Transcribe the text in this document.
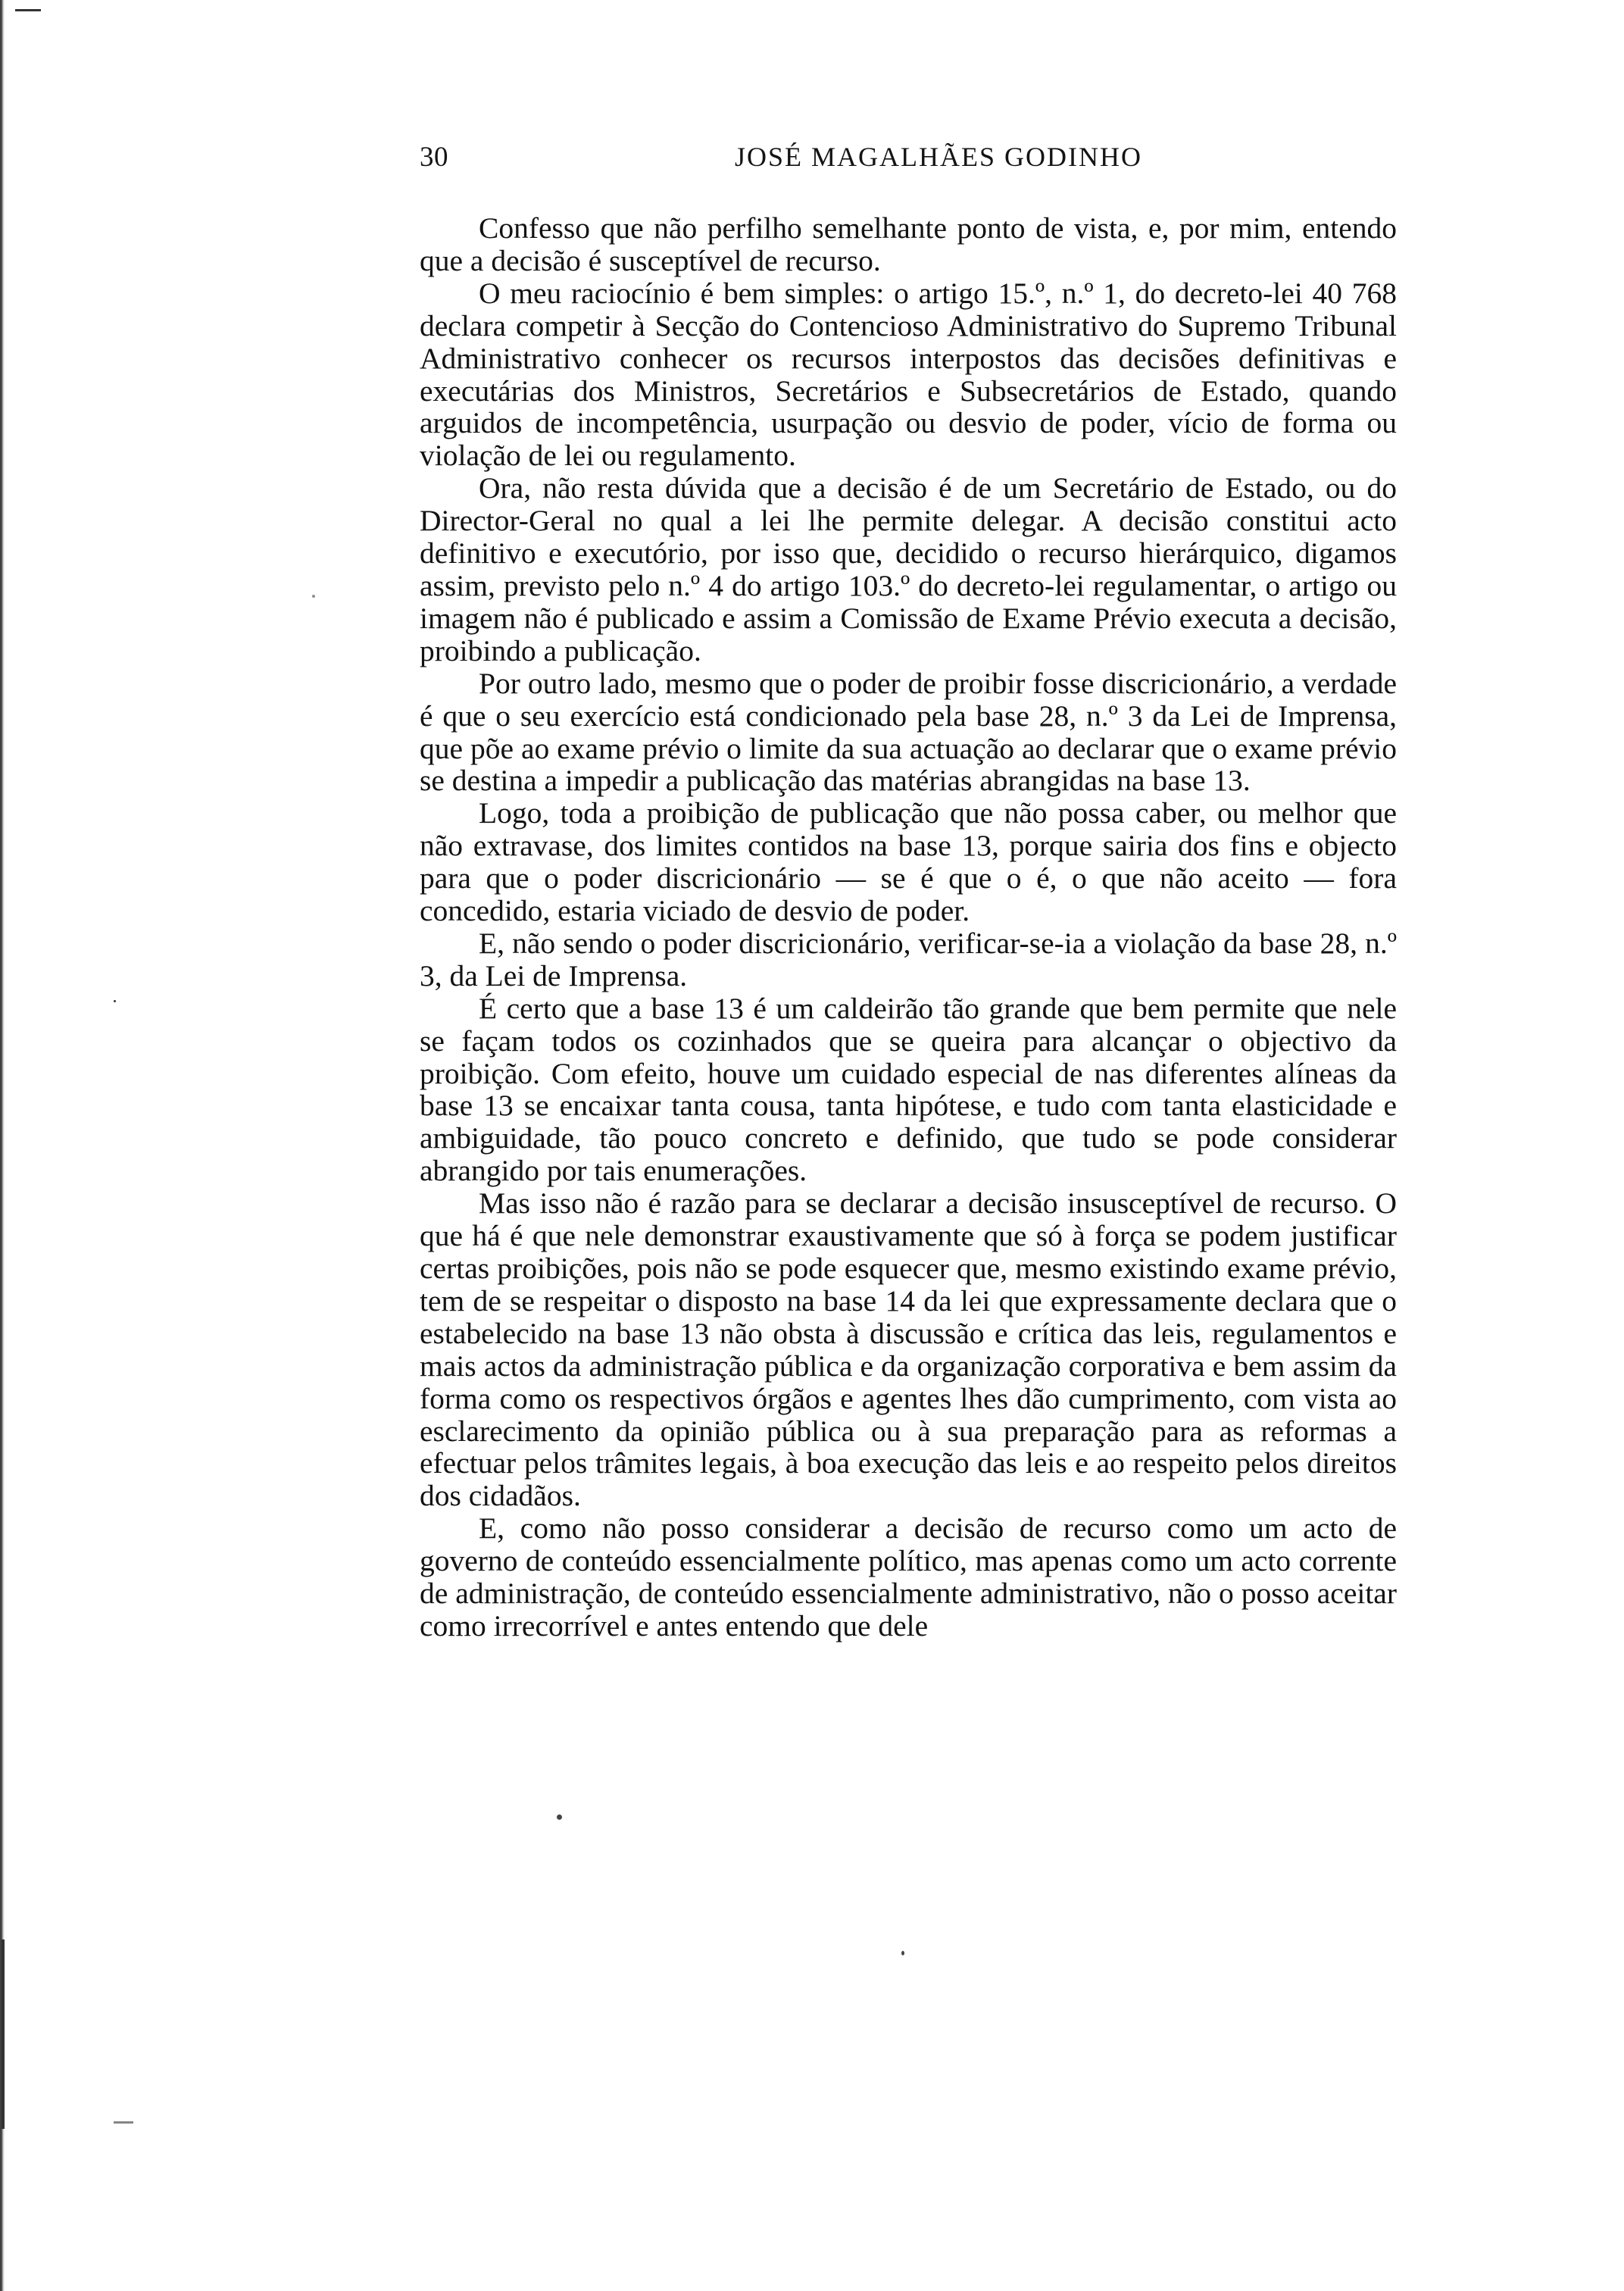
30	JOSÉ MAGALHÃES GODINHO

Confesso que não perfilho semelhante ponto de vista, e, por mim, entendo que a decisão é susceptível de recurso.

O meu raciocínio é bem simples: o artigo 15.º, n.º 1, do decreto-lei 40 768 declara competir à Secção do Contencioso Administrativo do Supremo Tribunal Administrativo conhecer os recursos interpostos das decisões definitivas e executárias dos Ministros, Secretários e Subsecretários de Estado, quando arguidos de incompetência, usurpação ou desvio de poder, vício de forma ou violação de lei ou regulamento.

Ora, não resta dúvida que a decisão é de um Secretário de Estado, ou do Director-Geral no qual a lei lhe permite delegar. A decisão constitui acto definitivo e executório, por isso que, decidido o recurso hierárquico, digamos assim, previsto pelo n.º 4 do artigo 103.º do decreto-lei regulamentar, o artigo ou imagem não é publicado e assim a Comissão de Exame Prévio executa a decisão, proibindo a publicação.

Por outro lado, mesmo que o poder de proibir fosse discricionário, a verdade é que o seu exercício está condicionado pela base 28, n.º 3 da Lei de Imprensa, que põe ao exame prévio o limite da sua actuação ao declarar que o exame prévio se destina a impedir a publicação das matérias abrangidas na base 13.

Logo, toda a proibição de publicação que não possa caber, ou melhor que não extravase, dos limites contidos na base 13, porque sairia dos fins e objecto para que o poder discricionário — se é que o é, o que não aceito — fora concedido, estaria viciado de desvio de poder.

E, não sendo o poder discricionário, verificar-se-ia a violação da base 28, n.º 3, da Lei de Imprensa.

É certo que a base 13 é um caldeirão tão grande que bem permite que nele se façam todos os cozinhados que se queira para alcançar o objectivo da proibição. Com efeito, houve um cuidado especial de nas diferentes alíneas da base 13 se encaixar tanta cousa, tanta hipótese, e tudo com tanta elasticidade e ambiguidade, tão pouco concreto e definido, que tudo se pode considerar abrangido por tais enumerações.

Mas isso não é razão para se declarar a decisão insusceptível de recurso. O que há é que nele demonstrar exaustivamente que só à força se podem justificar certas proibições, pois não se pode esquecer que, mesmo existindo exame prévio, tem de se respeitar o disposto na base 14 da lei que expressamente declara que o estabelecido na base 13 não obsta à discussão e crítica das leis, regulamentos e mais actos da administração pública e da organização corporativa e bem assim da forma como os respectivos órgãos e agentes lhes dão cumprimento, com vista ao esclarecimento da opinião pública ou à sua preparação para as reformas a efectuar pelos trâmites legais, à boa execução das leis e ao respeito pelos direitos dos cidadãos.

E, como não posso considerar a decisão de recurso como um acto de governo de conteúdo essencialmente político, mas apenas como um acto corrente de administração, de conteúdo essencialmente administrativo, não o posso aceitar como irrecorrível e antes entendo que dele
